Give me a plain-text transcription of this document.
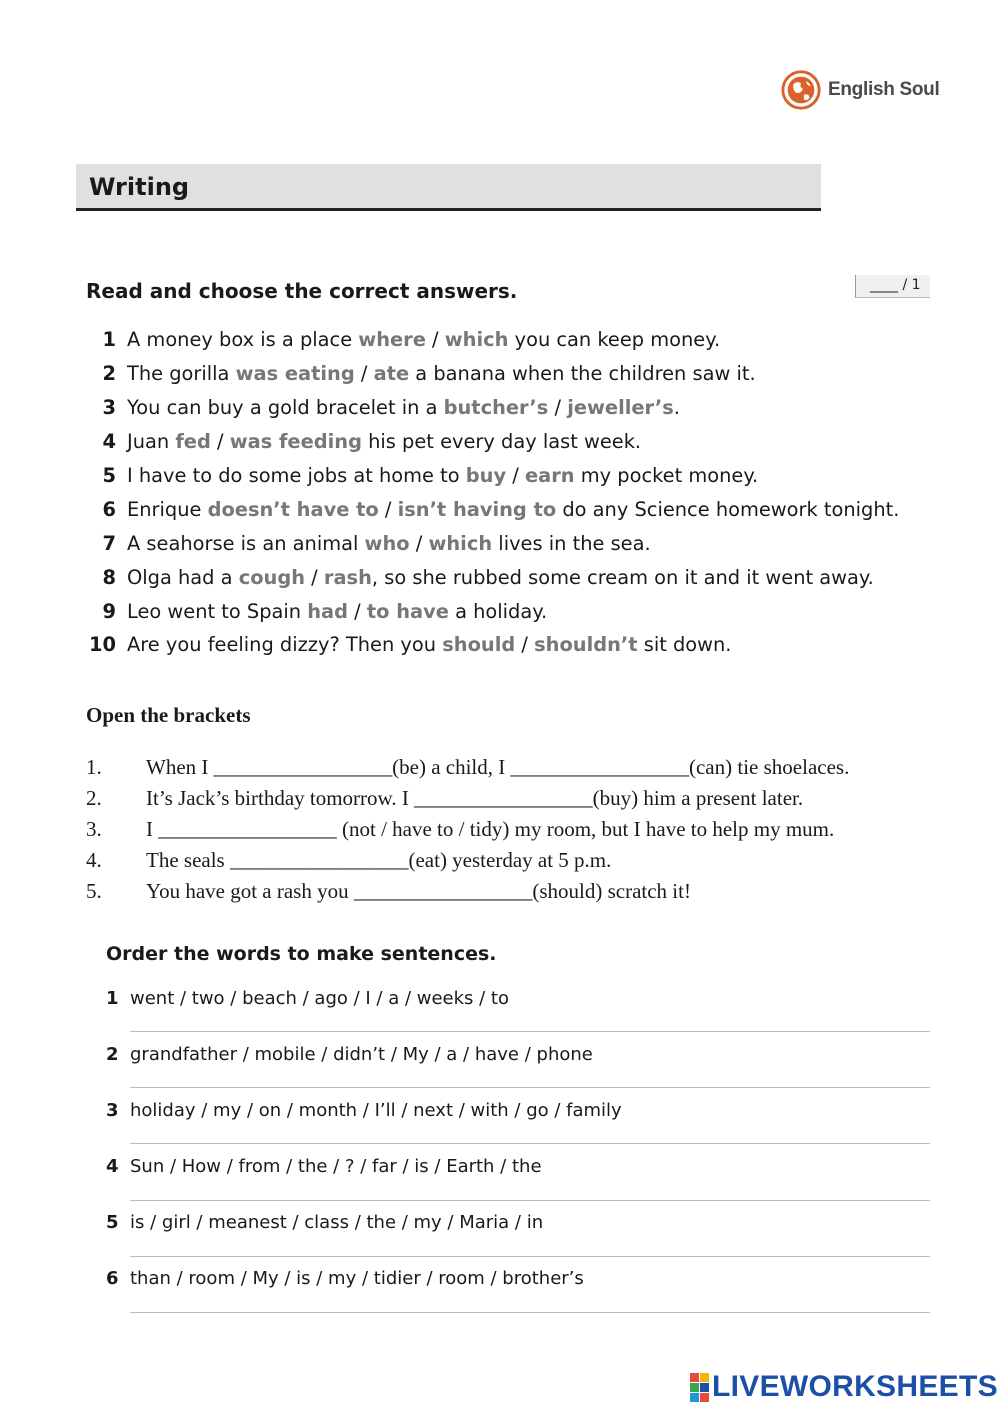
English Soul
Writing
Read and choose the correct answers.	____ / 1
1 A money box is a place where / which you can keep money.
2 The gorilla was eating / ate a banana when the children saw it.
3 You can buy a gold bracelet in a butcher’s / jeweller’s.
4 Juan fed / was feeding his pet every day last week.
5 I have to do some jobs at home to buy / earn my pocket money.
6 Enrique doesn’t have to / isn’t having to do any Science homework tonight.
7 A seahorse is an animal who / which lives in the sea.
8 Olga had a cough / rash, so she rubbed some cream on it and it went away.
9 Leo went to Spain had / to have a holiday.
10 Are you feeling dizzy? Then you should / shouldn’t sit down.
Open the brackets
1.	When I _________________(be) a child, I _________________(can) tie shoelaces.
2.	It’s Jack’s birthday tomorrow. I _________________(buy) him a present later.
3.	I _________________ (not / have to / tidy) my room, but I have to help my mum.
4.	The seals _________________(eat) yesterday at 5 p.m.
5.	You have got a rash you _________________(should) scratch it!
Order the words to make sentences.
1 went / two / beach / ago / I / a / weeks / to
2 grandfather / mobile / didn’t / My / a / have / phone
3 holiday / my / on / month / I’ll / next / with / go / family
4 Sun / How / from / the / ? / far / is / Earth / the
5 is / girl / meanest / class / the / my / Maria / in
6 than / room / My / is / my / tidier / room / brother’s
LIVEWORKSHEETS
